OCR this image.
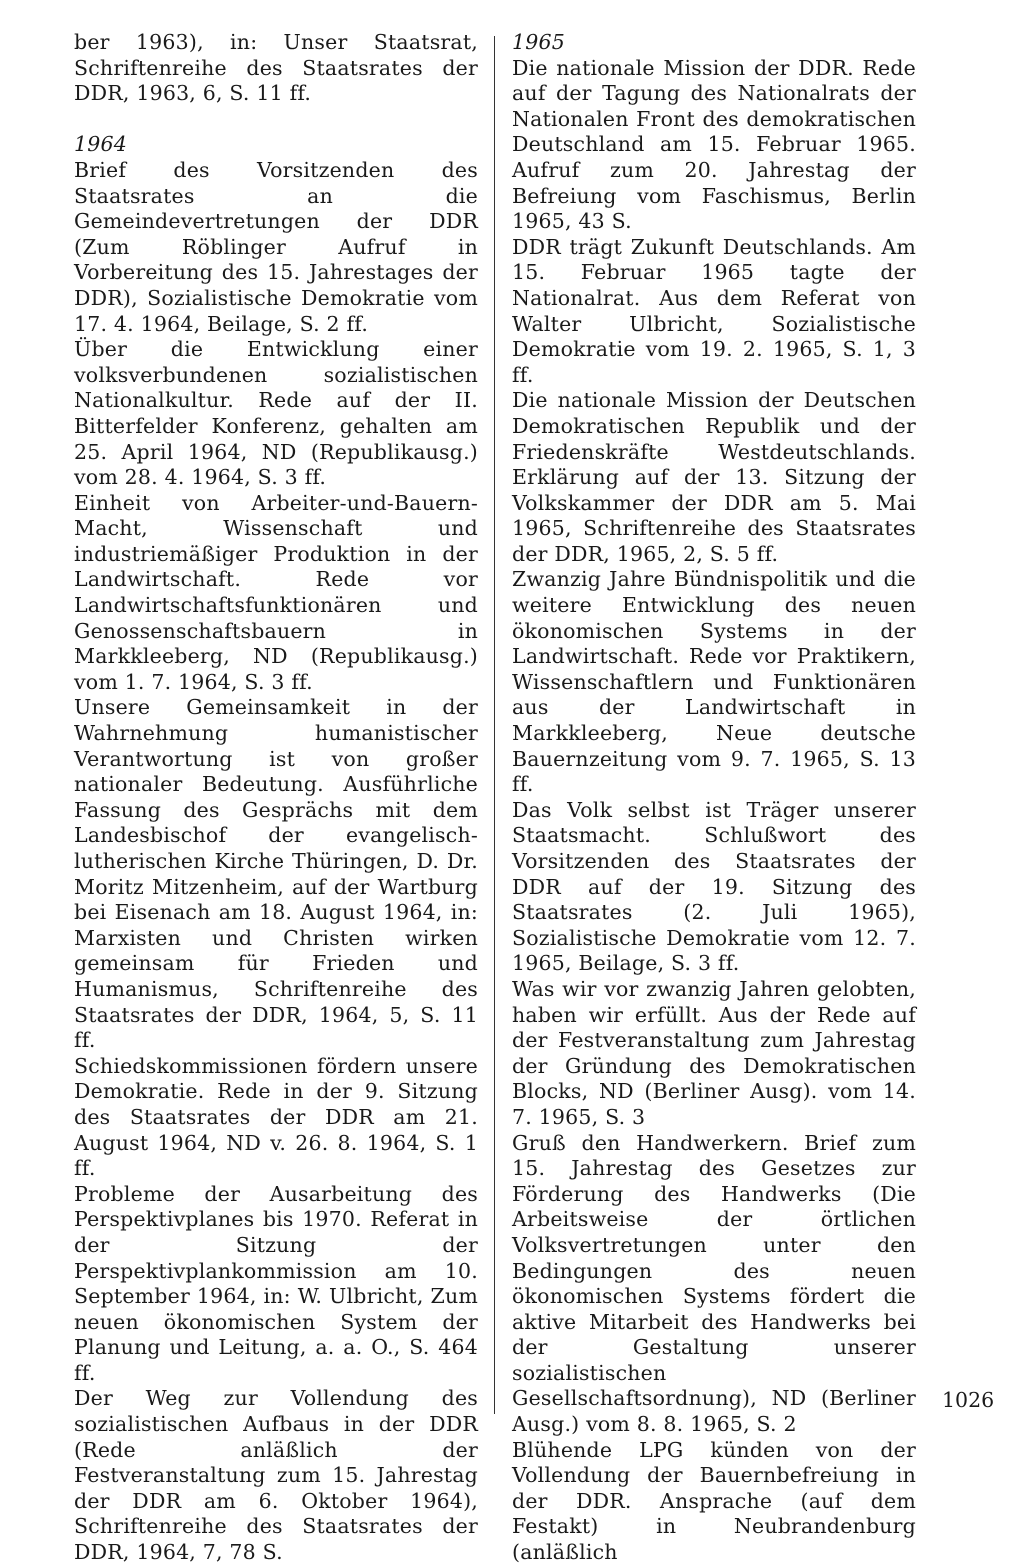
ber 1963), in: Unser Staatsrat, Schriftenreihe des Staatsrates der DDR, 1963, 6, S. 11 ff.

1964

Brief des Vorsitzenden des Staatsrates an die Gemeindevertretungen der DDR (Zum Röblinger Aufruf in Vorbereitung des 15. Jahrestages der DDR), Sozialistische Demokratie vom 17. 4. 1964, Beilage, S. 2 ff.

Über die Entwicklung einer volksverbundenen sozialistischen Nationalkultur. Rede auf der II. Bitterfelder Konferenz, gehalten am 25. April 1964, ND (Republikausg.) vom 28. 4. 1964, S. 3 ff.

Einheit von Arbeiter-und-Bauern-Macht, Wissenschaft und industriemäßiger Produktion in der Landwirtschaft. Rede vor Landwirtschaftsfunktionären und Genossenschaftsbauern in Markkleeberg, ND (Republikausg.) vom 1. 7. 1964, S. 3 ff.

Unsere Gemeinsamkeit in der Wahrnehmung humanistischer Verantwortung ist von großer nationaler Bedeutung. Ausführliche Fassung des Gesprächs mit dem Landesbischof der evangelisch-lutherischen Kirche Thüringen, D. Dr. Moritz Mitzenheim, auf der Wartburg bei Eisenach am 18. August 1964, in: Marxisten und Christen wirken gemeinsam für Frieden und Humanismus, Schriftenreihe des Staatsrates der DDR, 1964, 5, S. 11 ff.

Schiedskommissionen fördern unsere Demokratie. Rede in der 9. Sitzung des Staatsrates der DDR am 21. August 1964, ND v. 26. 8. 1964, S. 1 ff.

Probleme der Ausarbeitung des Perspektivplanes bis 1970. Referat in der Sitzung der Perspektivplankommission am 10. September 1964, in: W. Ulbricht, Zum neuen ökonomischen System der Planung und Leitung, a. a. O., S. 464 ff.

Der Weg zur Vollendung des sozialistischen Aufbaus in der DDR (Rede anläßlich der Festveranstaltung zum 15. Jahrestag der DDR am 6. Oktober 1964), Schriftenreihe des Staatsrates der DDR, 1964, 7, 78 S.

1965

Die nationale Mission der DDR. Rede auf der Tagung des Nationalrats der Nationalen Front des demokratischen Deutschland am 15. Februar 1965. Aufruf zum 20. Jahrestag der Befreiung vom Faschismus, Berlin 1965, 43 S.

DDR trägt Zukunft Deutschlands. Am 15. Februar 1965 tagte der Nationalrat. Aus dem Referat von Walter Ulbricht, Sozialistische Demokratie vom 19. 2. 1965, S. 1, 3 ff.

Die nationale Mission der Deutschen Demokratischen Republik und der Friedenskräfte Westdeutschlands. Erklärung auf der 13. Sitzung der Volkskammer der DDR am 5. Mai 1965, Schriftenreihe des Staatsrates der DDR, 1965, 2, S. 5 ff.

Zwanzig Jahre Bündnispolitik und die weitere Entwicklung des neuen ökonomischen Systems in der Landwirtschaft. Rede vor Praktikern, Wissenschaftlern und Funktionären aus der Landwirtschaft in Markkleeberg, Neue deutsche Bauernzeitung vom 9. 7. 1965, S. 13 ff.

Das Volk selbst ist Träger unserer Staatsmacht. Schlußwort des Vorsitzenden des Staatsrates der DDR auf der 19. Sitzung des Staatsrates (2. Juli 1965), Sozialistische Demokratie vom 12. 7. 1965, Beilage, S. 3 ff.

Was wir vor zwanzig Jahren gelobten, haben wir erfüllt. Aus der Rede auf der Festveranstaltung zum Jahrestag der Gründung des Demokratischen Blocks, ND (Berliner Ausg). vom 14. 7. 1965, S. 3

Gruß den Handwerkern. Brief zum 15. Jahrestag des Gesetzes zur Förderung des Handwerks (Die Arbeitsweise der örtlichen Volksvertretungen unter den Bedingungen des neuen ökonomischen Systems fördert die aktive Mitarbeit des Handwerks bei der Gestaltung unserer sozialistischen Gesellschaftsordnung), ND (Berliner Ausg.) vom 8. 8. 1965, S. 2

Blühende LPG künden von der Vollendung der Bauernbefreiung in der DDR. Ansprache (auf dem Festakt) in Neubrandenburg (anläßlich

1026
